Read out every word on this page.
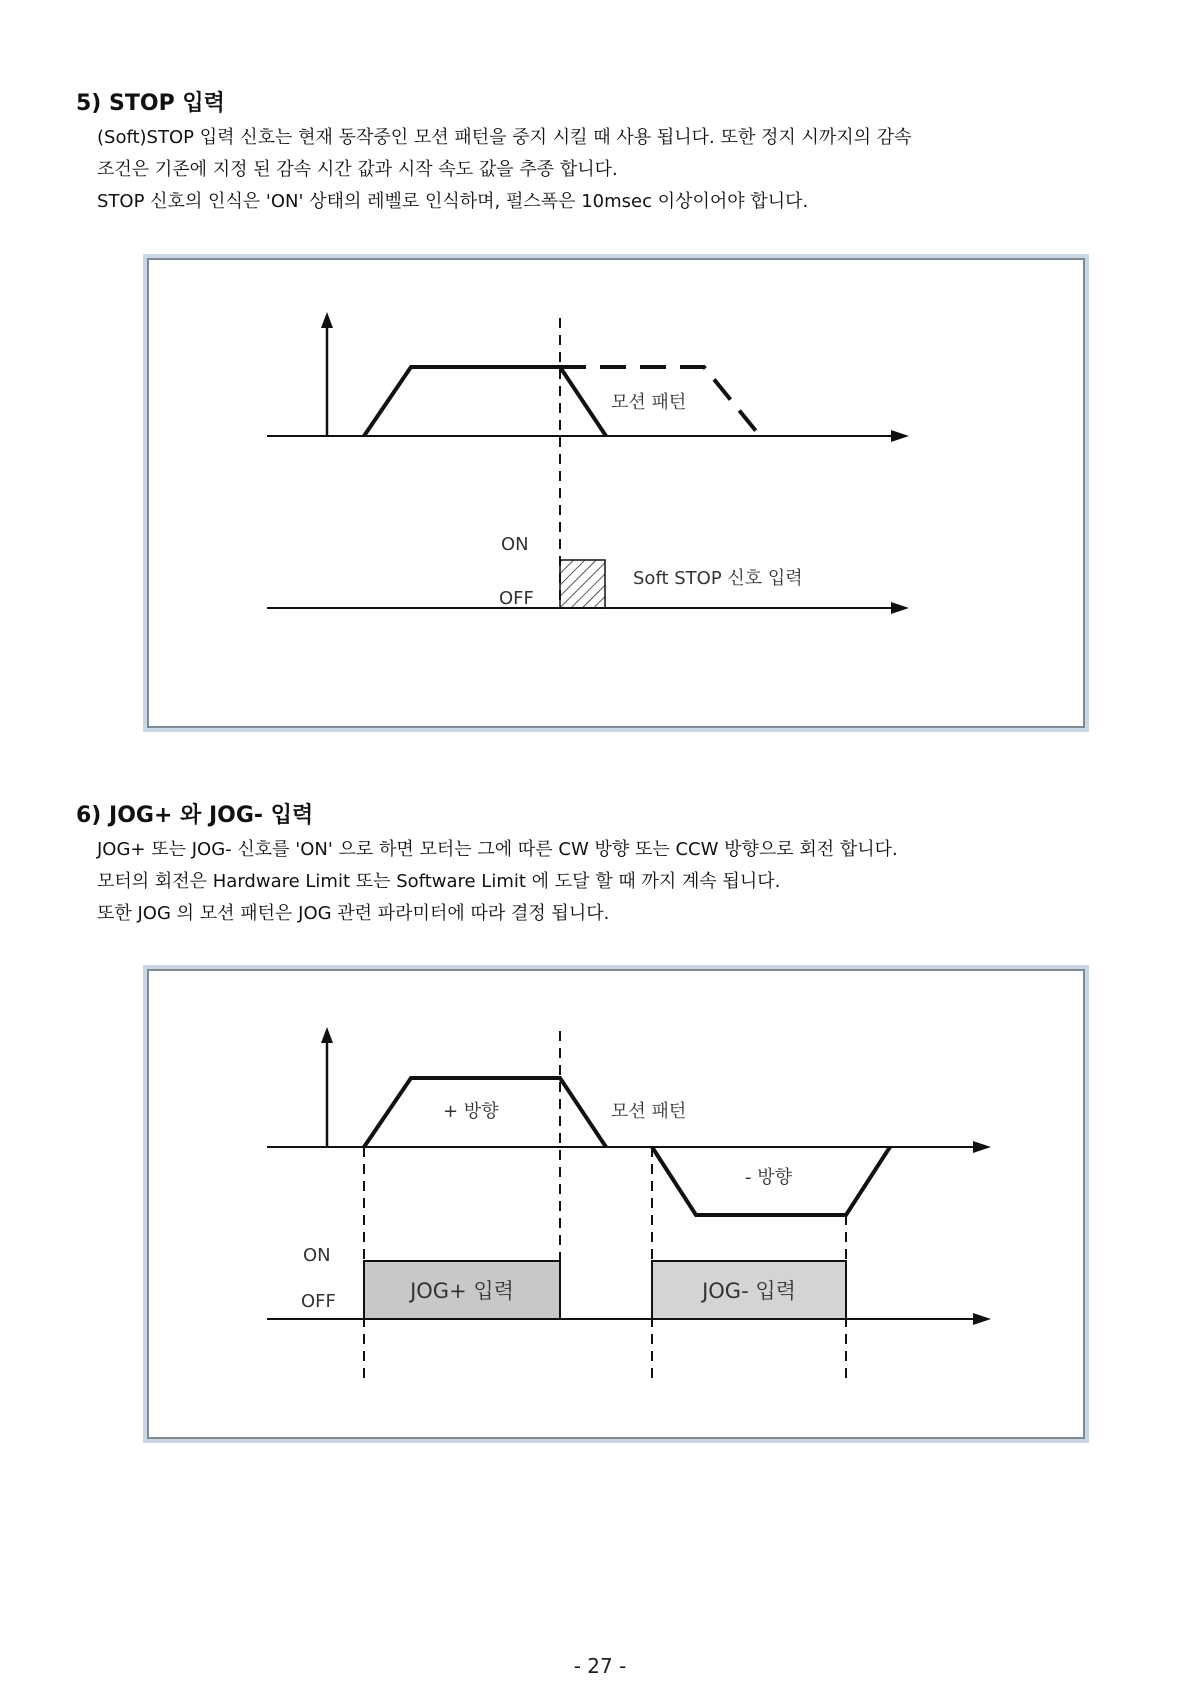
5) STOP 입력

(Soft)STOP 입력 신호는 현재 동작중인 모션 패턴을 중지 시킬 때 사용 됩니다. 또한 정지 시까지의 감속

조건은 기존에 지정 된 감속 시간 값과 시작 속도 값을 추종 합니다.

STOP 신호의 인식은 'ON' 상태의 레벨로 인식하며, 펄스폭은 10msec 이상이어야 합니다.

모션 패턴
ON
OFF
Soft STOP 신호 입력
6) JOG+ 와 JOG- 입력

JOG+ 또는 JOG- 신호를 'ON' 으로 하면 모터는 그에 따른 CW 방향 또는 CCW 방향으로 회전 합니다.

모터의 회전은 Hardware Limit 또는 Software Limit 에 도달 할 때 까지 계속 됩니다.

또한 JOG 의 모션 패턴은 JOG 관련 파라미터에 따라 결정 됩니다.

+ 방향	모션 패턴
- 방향
ON
OFF	JOG+ 입력	JOG- 입력
- 27 -
